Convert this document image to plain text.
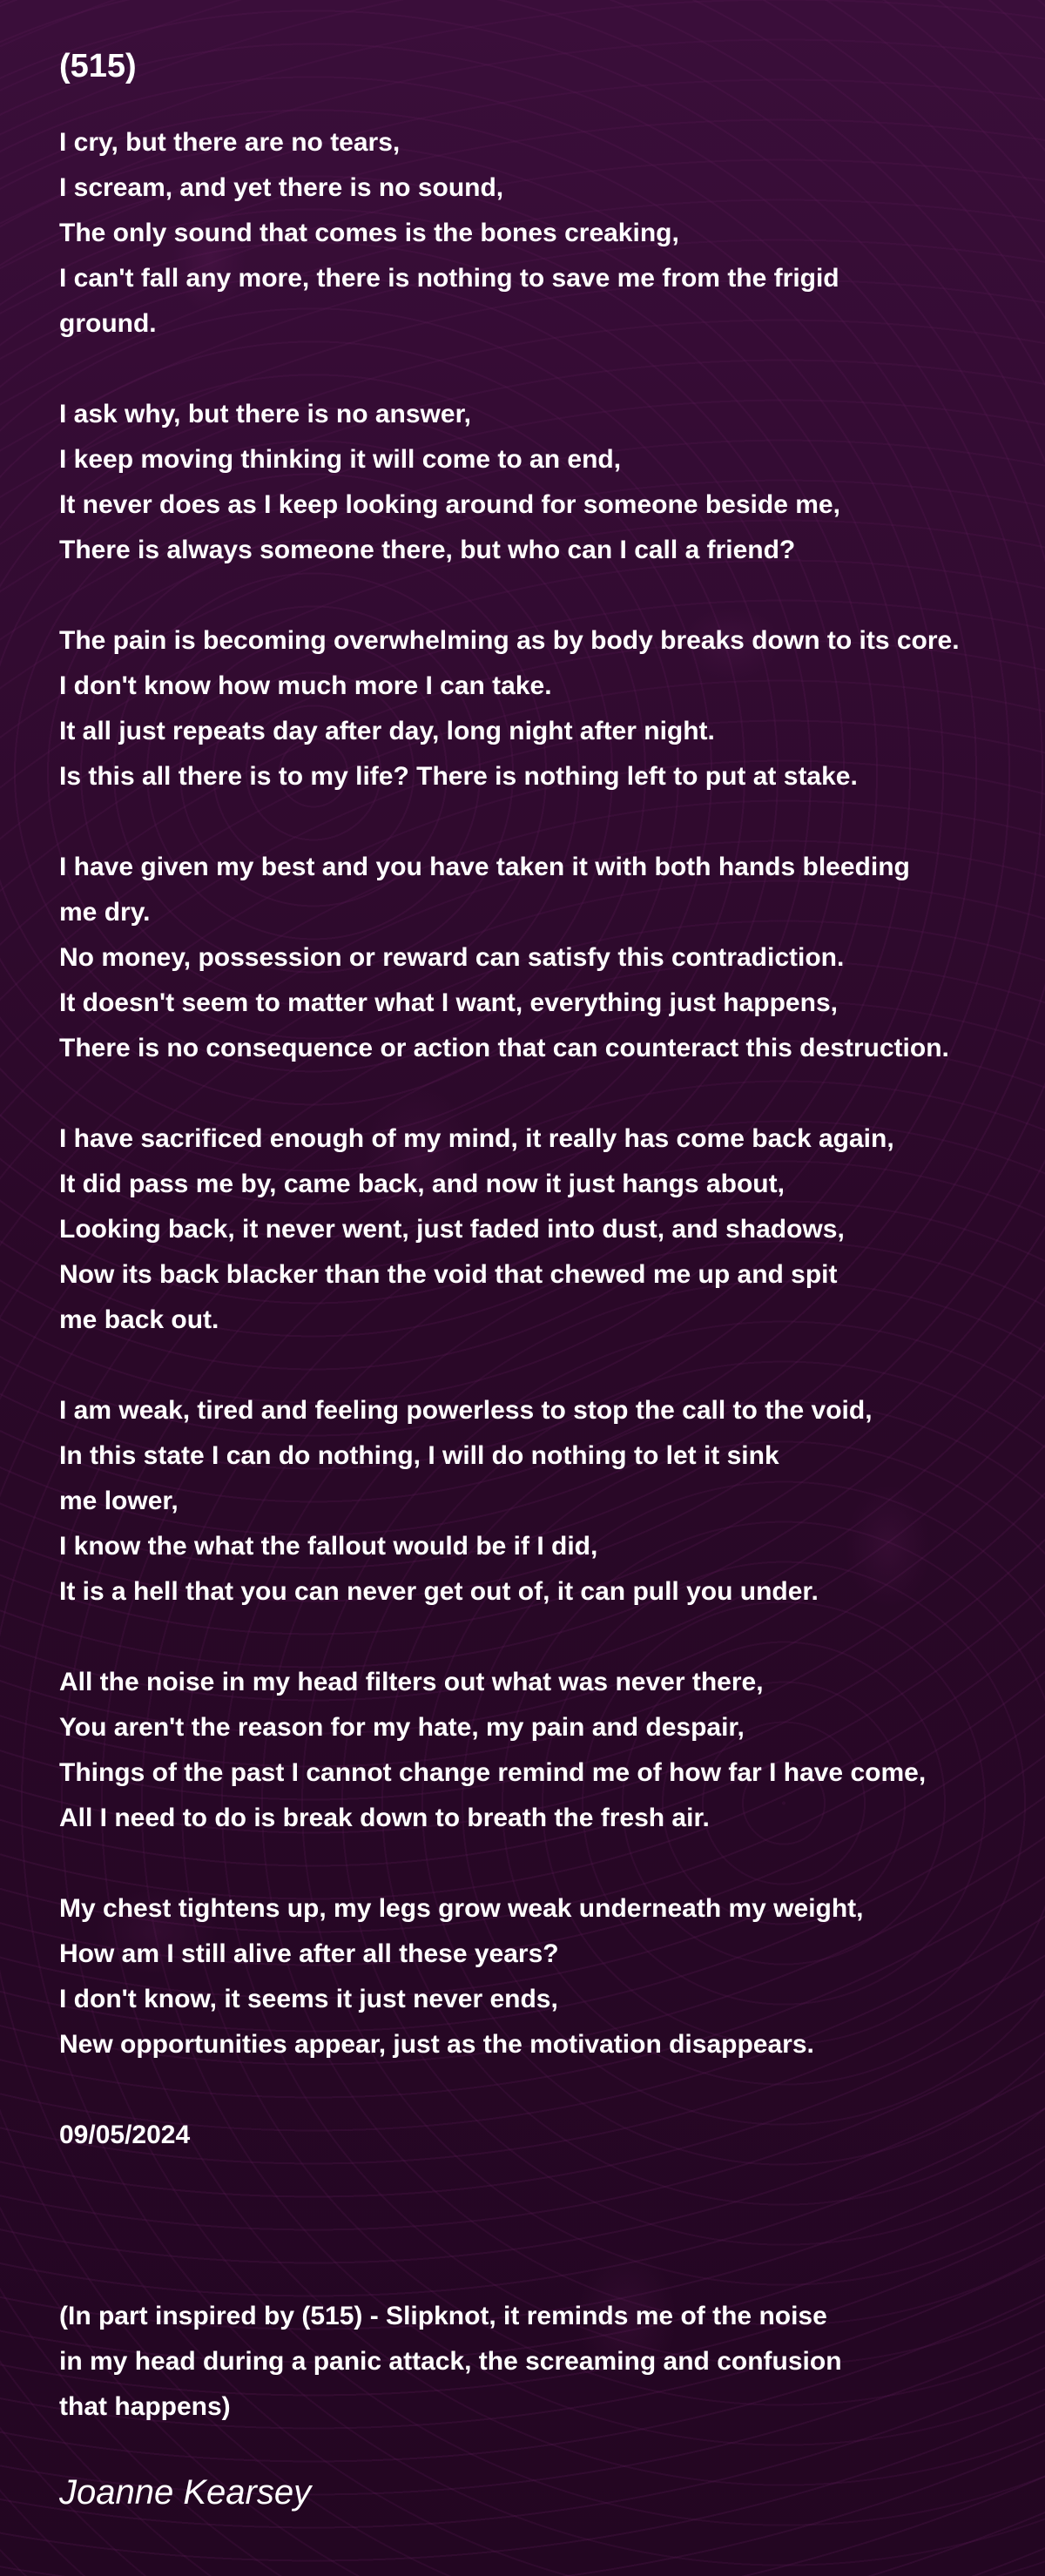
(515)
I cry, but there are no tears,
I scream, and yet there is no sound,
The only sound that comes is the bones creaking,
I can't fall any more, there is nothing to save me from the frigid
ground.

I ask why, but there is no answer,
I keep moving thinking it will come to an end,
It never does as I keep looking around for someone beside me,
There is always someone there, but who can I call a friend?

The pain is becoming overwhelming as by body breaks down to its core.
I don't know how much more I can take.
It all just repeats day after day, long night after night.
Is this all there is to my life? There is nothing left to put at stake.

I have given my best and you have taken it with both hands bleeding
me dry.
No money, possession or reward can satisfy this contradiction.
It doesn't seem to matter what I want, everything just happens,
There is no consequence or action that can counteract this destruction.

I have sacrificed enough of my mind, it really has come back again,
It did pass me by, came back, and now it just hangs about,
Looking back, it never went, just faded into dust, and shadows,
Now its back blacker than the void that chewed me up and spit
me back out.

I am weak, tired and feeling powerless to stop the call to the void,
In this state I can do nothing, I will do nothing to let it sink
me lower,
I know the what the fallout would be if I did,
It is a hell that you can never get out of, it can pull you under.

All the noise in my head filters out what was never there,
You aren't the reason for my hate, my pain and despair,
Things of the past I cannot change remind me of how far I have come,
All I need to do is break down to breath the fresh air.

My chest tightens up, my legs grow weak underneath my weight,
How am I still alive after all these years?
I don't know, it seems it just never ends,
New opportunities appear, just as the motivation disappears.
09/05/2024
(In part inspired by (515) - Slipknot, it reminds me of the noise
in my head during a panic attack, the screaming and confusion
that happens)
Joanne Kearsey
